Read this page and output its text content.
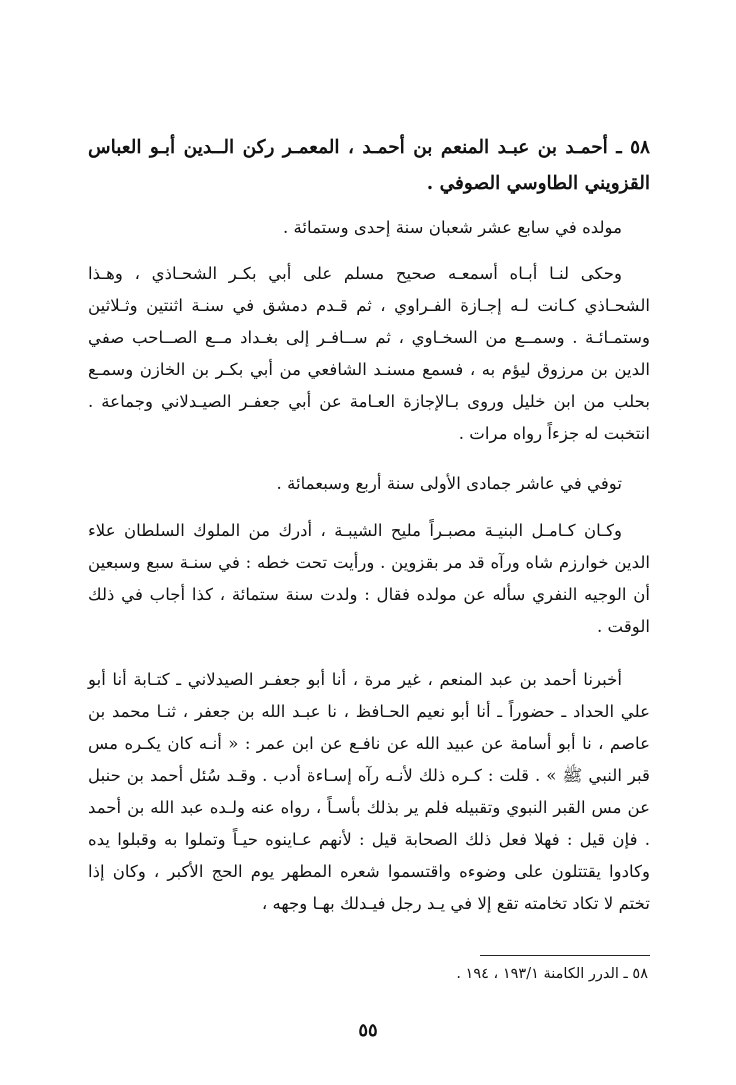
٥٨ ـ أحمـد بن عبـد المنعم بن أحمـد ، المعمـر ركن الــدين أبـو العباس القزويني الطاوسي الصوفي .

مولده في سابع عشر شعبان سنة إحدى وستمائة .

وحكى لنـا أبـاه أسمعـه صحيح مسلم على أبي بكـر الشحـاذي ، وهـذا الشحـاذي كـانت لـه إجـازة الفـراوي ، ثم قـدم دمشق في سنـة اثنتين وثـلاثين وستمـائـة . وسمــع من السخـاوي ، ثم ســافـر إلى بغـداد مــع الصــاحب صفي الدين بن مرزوق ليؤم به ، فسمع مسنـد الشافعي من أبي بكـر بن الخازن وسمـع بحلب من ابن خليل وروى بـالإجازة العـامة عن أبي جعفـر الصيـدلاني وجماعة . انتخبت له جزءاً رواه مرات .

توفي في عاشر جمادى الأولى سنة أربع وسبعمائة .

وكـان كـامـل البنيـة مصبـراً مليح الشيبـة ، أدرك من الملوك السلطان علاء الدين خوارزم شاه ورآه قد مر بقزوين . ورأيت تحت خطه : في سنـة سبع وسبعين أن الوجيه النفري سأله عن مولده فقال : ولدت سنة ستمائة ، كذا أجاب في ذلك الوقت .

أخبرنا أحمد بن عبد المنعم ، غير مرة ، أنا أبو جعفـر الصيدلاني ـ كتـابة أنا أبو علي الحداد ـ حضوراً ـ أنا أبو نعيم الحـافظ ، نا عبـد الله بن جعفر ، ثنـا محمد بن عاصم ، نا أبو أسامة عن عبيد الله عن نافـع عن ابن عمر : « أنـه كان يكـره مس قبر النبي ﷺ » . قلت : كـره ذلك لأنـه رآه إسـاءة أدب . وقـد سُئل أحمد بن حنبل عن مس القبر النبوي وتقبيله فلم ير بذلك بأسـاً ، رواه عنه ولـده عبد الله بن أحمد . فإن قيل : فهلا فعل ذلك الصحابة قيل : لأنهم عـاينوه حيـاً وتملوا به وقبلوا يده وكادوا يقتتلون على وضوءه واقتسموا شعره المطهر يوم الحج الأكبر ، وكان إذا تختم لا تكاد تخامته تقع إلا في يـد رجل فيـدلك بهـا وجهه ،

٥٨ ـ الدرر الكامنة ١٩٣/١ ، ١٩٤ .
٥٥
